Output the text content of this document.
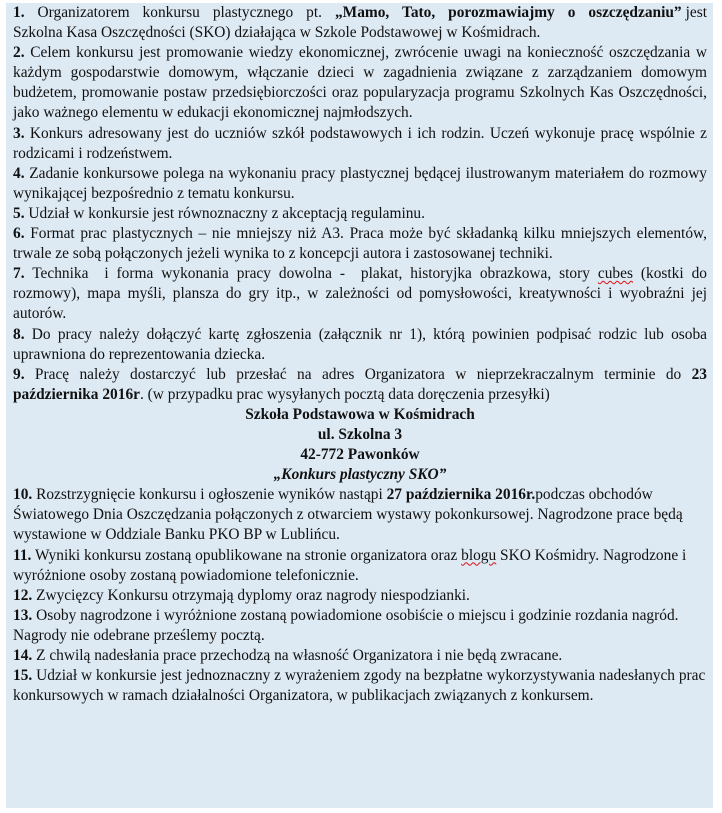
1. Organizatorem konkursu plastycznego pt. „Mamo, Tato, porozmawiajmy o oszczędzaniu” jest Szkolna Kasa Oszczędności (SKO) działająca w Szkole Podstawowej w Kośmidrach.

2. Celem konkursu jest promowanie wiedzy ekonomicznej, zwrócenie uwagi na konieczność oszczędzania w każdym gospodarstwie domowym, włączanie dzieci w zagadnienia związane z zarządzaniem domowym budżetem, promowanie postaw przedsiębiorczości oraz popularyzacja programu Szkolnych Kas Oszczędności, jako ważnego elementu w edukacji ekonomicznej najmłodszych.

3. Konkurs adresowany jest do uczniów szkół podstawowych i ich rodzin. Uczeń wykonuje pracę wspólnie z rodzicami i rodzeństwem.

4. Zadanie konkursowe polega na wykonaniu pracy plastycznej będącej ilustrowanym materiałem do rozmowy wynikającej bezpośrednio z tematu konkursu.

5. Udział w konkursie jest równoznaczny z akceptacją regulaminu.

6. Format prac plastycznych – nie mniejszy niż A3. Praca może być składanką kilku mniejszych elementów, trwale ze sobą połączonych jeżeli wynika to z koncepcji autora i zastosowanej techniki.

7. Technika  i forma wykonania pracy dowolna -  plakat, historyjka obrazkowa, story cubes (kostki do rozmowy), mapa myśli, plansza do gry itp., w zależności od pomysłowości, kreatywności i wyobraźni jej autorów.

8. Do pracy należy dołączyć kartę zgłoszenia (załącznik nr 1), którą powinien podpisać rodzic lub osoba uprawniona do reprezentowania dziecka.

9. Pracę należy dostarczyć lub przesłać na adres Organizatora w nieprzekraczalnym terminie do 23 października 2016r. (w przypadku prac wysyłanych pocztą data doręczenia przesyłki)

Szkoła Podstawowa w Kośmidrach

ul. Szkolna 3

42-772 Pawonków

„Konkurs plastyczny SKO”

10. Rozstrzygnięcie konkursu i ogłoszenie wyników nastąpi 27 października 2016r.podczas obchodów Światowego Dnia Oszczędzania połączonych z otwarciem wystawy pokonkursowej. Nagrodzone prace będą wystawione w Oddziale Banku PKO BP w Lublińcu.

11. Wyniki konkursu zostaną opublikowane na stronie organizatora oraz blogu SKO Kośmidry. Nagrodzone i wyróżnione osoby zostaną powiadomione telefonicznie.

12. Zwycięzcy Konkursu otrzymają dyplomy oraz nagrody niespodzianki.

13. Osoby nagrodzone i wyróżnione zostaną powiadomione osobiście o miejscu i godzinie rozdania nagród. Nagrody nie odebrane prześlemy pocztą.

14. Z chwilą nadesłania prace przechodzą na własność Organizatora i nie będą zwracane.

15. Udział w konkursie jest jednoznaczny z wyrażeniem zgody na bezpłatne wykorzystywania nadesłanych prac konkursowych w ramach działalności Organizatora, w publikacjach związanych z konkursem.
